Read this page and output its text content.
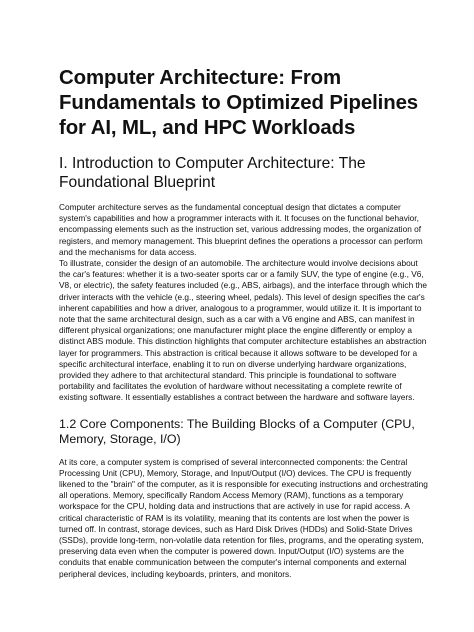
Computer Architecture: From Fundamentals to Optimized Pipelines for AI, ML, and HPC Workloads
I. Introduction to Computer Architecture: The Foundational Blueprint

Computer architecture serves as the fundamental conceptual design that dictates a computer system's capabilities and how a programmer interacts with it. It focuses on the functional behavior, encompassing elements such as the instruction set, various addressing modes, the organization of registers, and memory management. This blueprint defines the operations a processor can perform and the mechanisms for data access.

To illustrate, consider the design of an automobile. The architecture would involve decisions about the car's features: whether it is a two-seater sports car or a family SUV, the type of engine (e.g., V6, V8, or electric), the safety features included (e.g., ABS, airbags), and the interface through which the driver interacts with the vehicle (e.g., steering wheel, pedals). This level of design specifies the car's inherent capabilities and how a driver, analogous to a programmer, would utilize it. It is important to note that the same architectural design, such as a car with a V6 engine and ABS, can manifest in different physical organizations; one manufacturer might place the engine differently or employ a distinct ABS module. This distinction highlights that computer architecture establishes an abstraction layer for programmers. This abstraction is critical because it allows software to be developed for a specific architectural interface, enabling it to run on diverse underlying hardware organizations, provided they adhere to that architectural standard. This principle is foundational to software portability and facilitates the evolution of hardware without necessitating a complete rewrite of existing software. It essentially establishes a contract between the hardware and software layers.

1.2 Core Components: The Building Blocks of a Computer (CPU, Memory, Storage, I/O)

At its core, a computer system is comprised of several interconnected components: the Central Processing Unit (CPU), Memory, Storage, and Input/Output (I/O) devices. The CPU is frequently likened to the "brain" of the computer, as it is responsible for executing instructions and orchestrating all operations. Memory, specifically Random Access Memory (RAM), functions as a temporary workspace for the CPU, holding data and instructions that are actively in use for rapid access. A critical characteristic of RAM is its volatility, meaning that its contents are lost when the power is turned off. In contrast, storage devices, such as Hard Disk Drives (HDDs) and Solid-State Drives (SSDs), provide long-term, non-volatile data retention for files, programs, and the operating system, preserving data even when the computer is powered down. Input/Output (I/O) systems are the conduits that enable communication between the computer's internal components and external peripheral devices, including keyboards, printers, and monitors.
